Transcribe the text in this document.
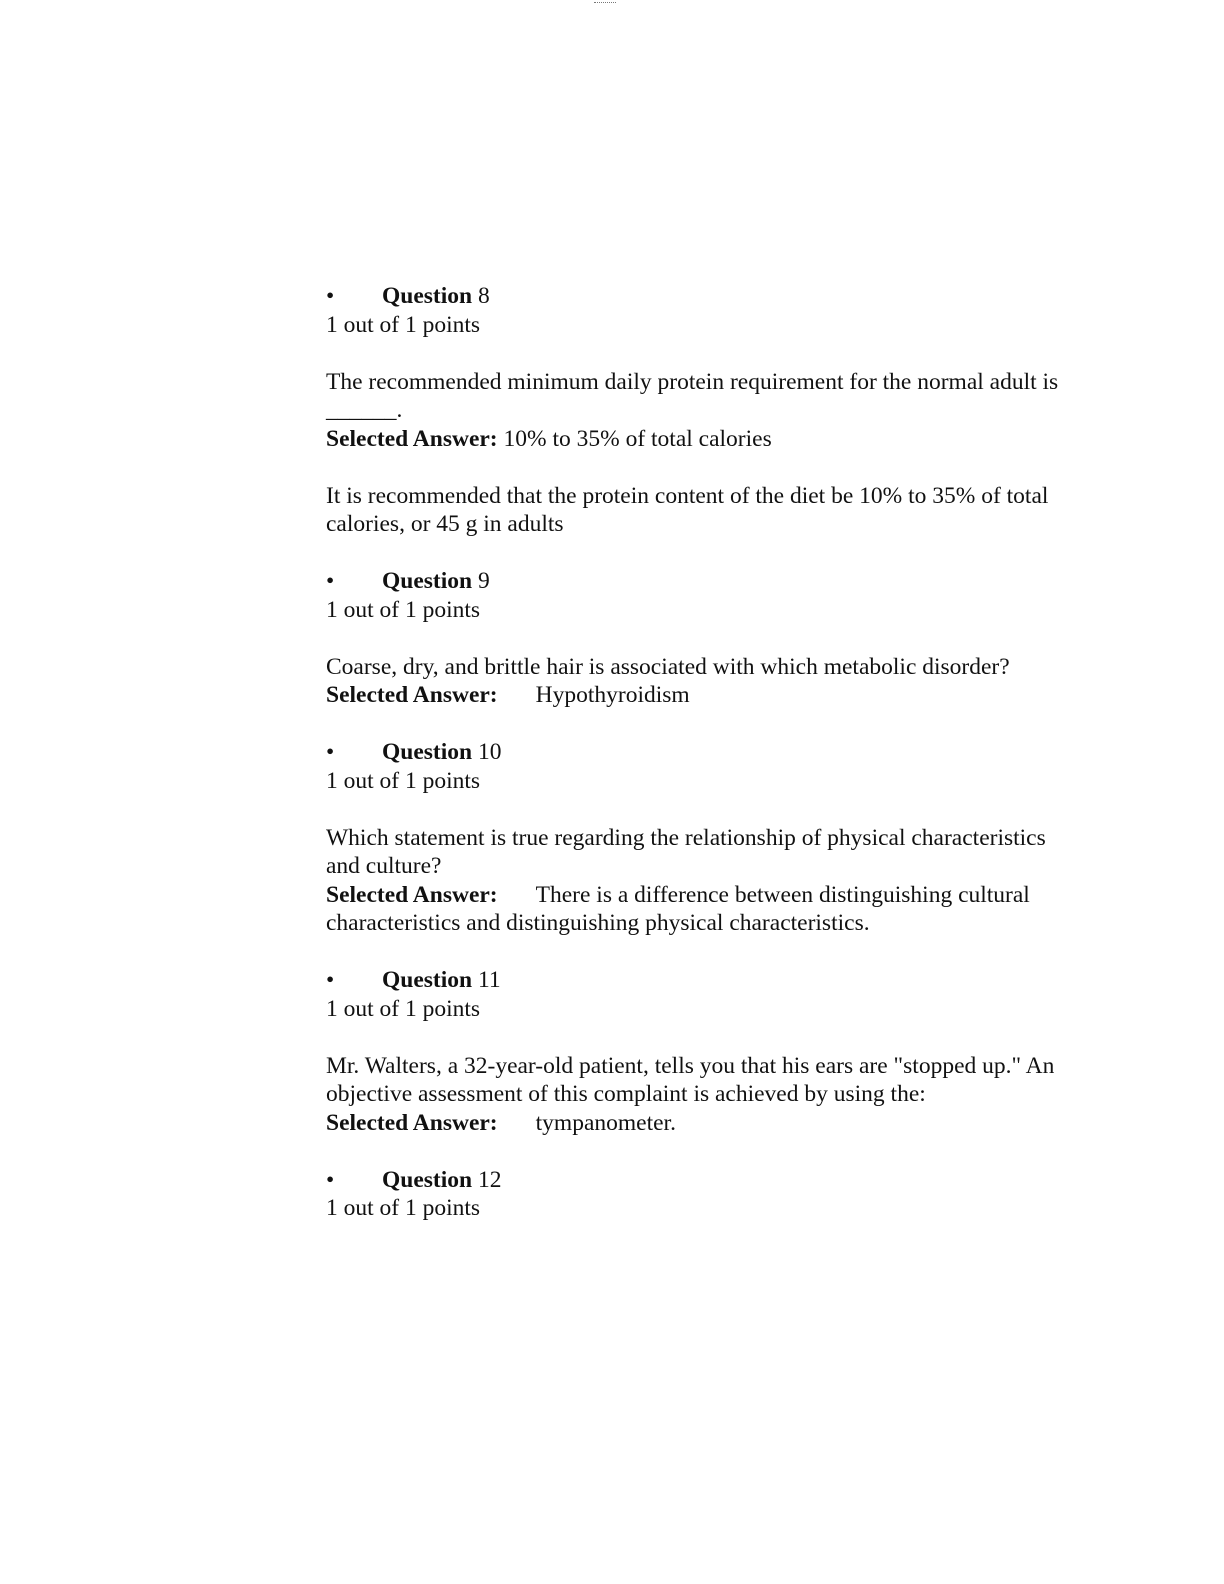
• Question 8

1 out of 1 points

The recommended minimum daily protein requirement for the normal adult is ______.

Selected Answer: 10% to 35% of total calories

It is recommended that the protein content of the diet be 10% to 35% of total calories, or 45 g in adults

• Question 9

1 out of 1 points

Coarse, dry, and brittle hair is associated with which metabolic disorder?

Selected Answer: Hypothyroidism

• Question 10

1 out of 1 points

Which statement is true regarding the relationship of physical characteristics and culture?

Selected Answer: There is a difference between distinguishing cultural characteristics and distinguishing physical characteristics.

• Question 11

1 out of 1 points

Mr. Walters, a 32-year-old patient, tells you that his ears are "stopped up." An objective assessment of this complaint is achieved by using the:

Selected Answer: tympanometer.

• Question 12

1 out of 1 points
